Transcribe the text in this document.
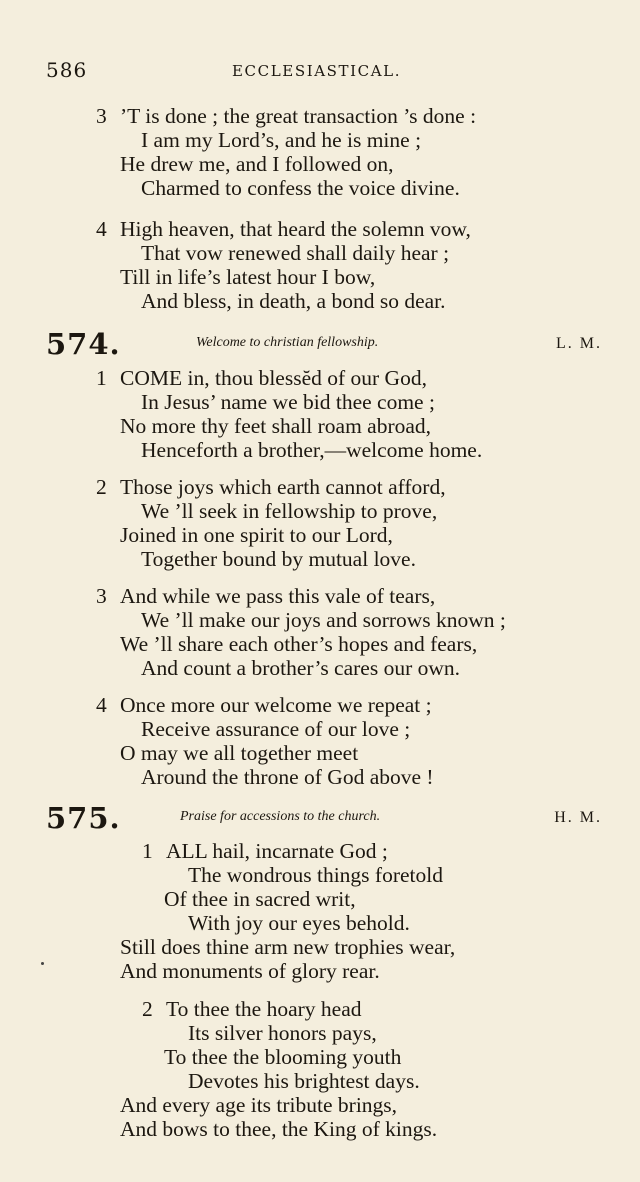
586	ECCLESIASTICAL.
3 ’T is done ; the great transaction ’s done :
I am my Lord’s, and he is mine ;
He drew me, and I followed on,
Charmed to confess the voice divine.
4 High heaven, that heard the solemn vow,
That vow renewed shall daily hear ;
Till in life’s latest hour I bow,
And bless, in death, a bond so dear.
574.	Welcome to christian fellowship.	L. M.
1 COME in, thou blessĕd of our God,
In Jesus’ name we bid thee come ;
No more thy feet shall roam abroad,
Henceforth a brother,—welcome home.
2 Those joys which earth cannot afford,
We ’ll seek in fellowship to prove,
Joined in one spirit to our Lord,
Together bound by mutual love.
3 And while we pass this vale of tears,
We ’ll make our joys and sorrows known ;
We ’ll share each other’s hopes and fears,
And count a brother’s cares our own.
4 Once more our welcome we repeat ;
Receive assurance of our love ;
O may we all together meet
Around the throne of God above !
575.	Praise for accessions to the church.	H. M.
1 ALL hail, incarnate God ;
The wondrous things foretold
Of thee in sacred writ,
With joy our eyes behold.
Still does thine arm new trophies wear,
And monuments of glory rear.
2 To thee the hoary head
Its silver honors pays,
To thee the blooming youth
Devotes his brightest days.
And every age its tribute brings,
And bows to thee, the King of kings.
